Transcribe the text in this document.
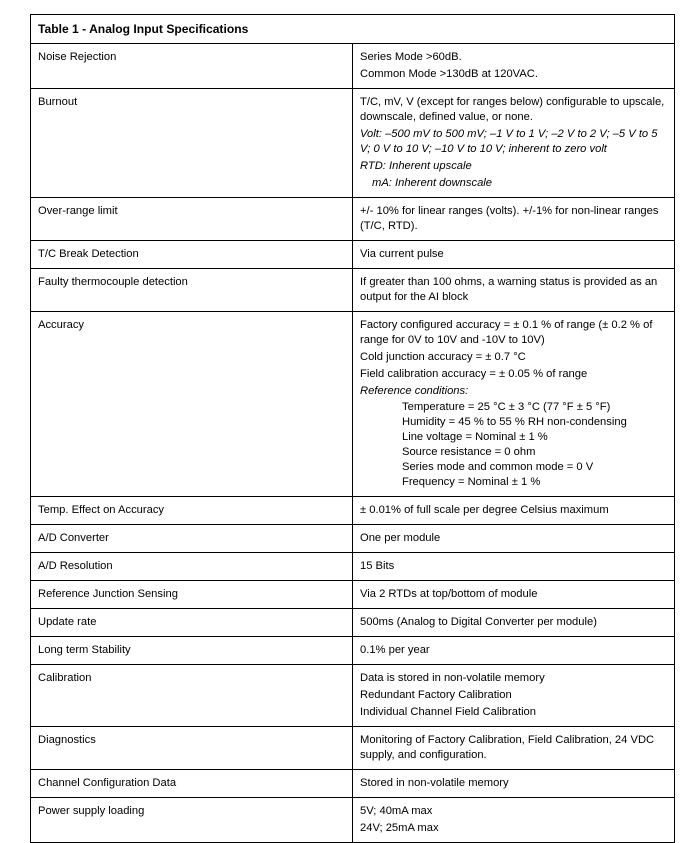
Table 1 - Analog Input Specifications	
Noise Rejection	Series Mode >60dB.

Common Mode >130dB at 120VAC.

Burnout	T/C, mV, V (except for ranges below) configurable to upscale, downscale, defined value, or none.

Volt: –500 mV to 500 mV; –1 V to 1 V; –2 V to 2 V; –5 V to 5 V; 0 V to 10 V; –10 V to 10 V; inherent to zero volt

RTD: Inherent upscale

mA: Inherent downscale

Over-range limit	+/- 10% for linear ranges (volts). +/-1% for non-linear ranges (T/C, RTD).

T/C Break Detection	Via current pulse

Faulty thermocouple detection	If greater than 100 ohms, a warning status is provided as an output for the AI block

Accuracy	Factory configured accuracy = ± 0.1 % of range (± 0.2 % of range for 0V to 10V and -10V to 10V)

Cold junction accuracy = ± 0.7 °C

Field calibration accuracy = ± 0.05 % of range

Reference conditions:

Temperature = 25 °C ± 3 °C (77 °F ± 5 °F)

Humidity = 45 % to 55 % RH non-condensing

Line voltage = Nominal ± 1 %

Source resistance = 0 ohm

Series mode and common mode = 0 V

Frequency = Nominal ± 1 %

Temp. Effect on Accuracy	± 0.01% of full scale per degree Celsius maximum

A/D Converter	One per module

A/D Resolution	15 Bits

Reference Junction Sensing	Via 2 RTDs at top/bottom of module

Update rate	500ms (Analog to Digital Converter per module)

Long term Stability	0.1% per year

Calibration	Data is stored in non-volatile memory

Redundant Factory Calibration

Individual Channel Field Calibration

Diagnostics	Monitoring of Factory Calibration, Field Calibration, 24 VDC supply, and configuration.

Channel Configuration Data	Stored in non-volatile memory

Power supply loading	5V; 40mA max

24V; 25mA max
